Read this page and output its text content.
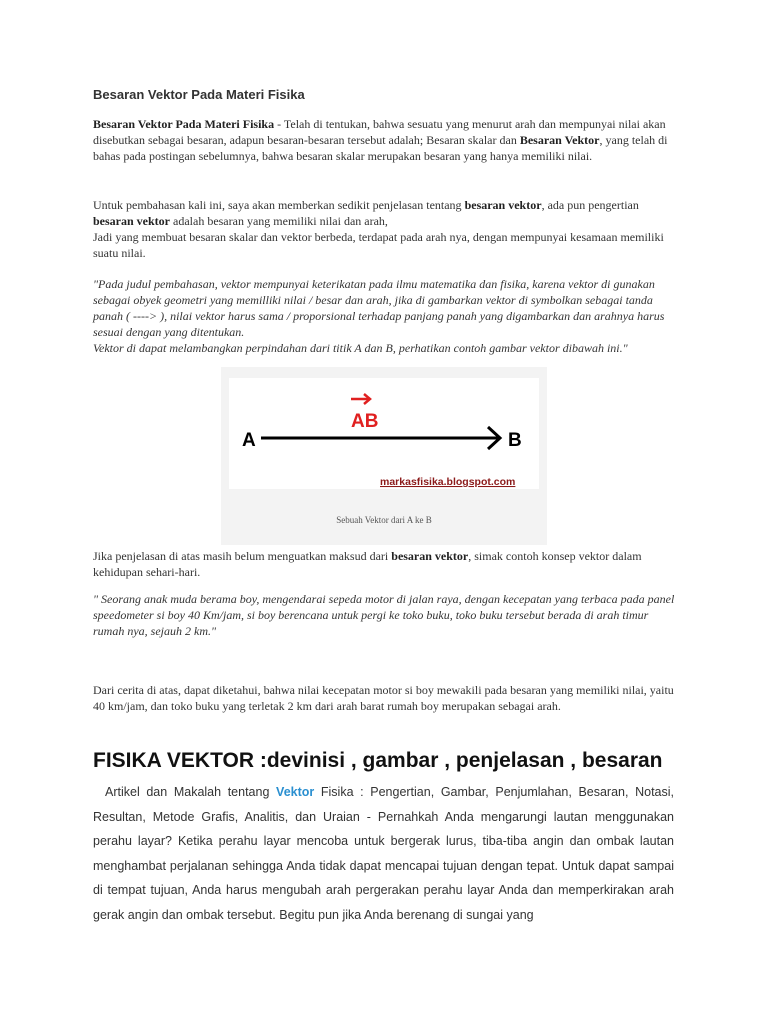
Besaran Vektor Pada Materi Fisika

Besaran Vektor Pada Materi Fisika - Telah di tentukan, bahwa sesuatu yang menurut arah dan mempunyai nilai akan disebutkan sebagai besaran, adapun besaran-besaran tersebut adalah; Besaran skalar dan Besaran Vektor, yang telah di bahas pada postingan sebelumnya, bahwa besaran skalar merupakan besaran yang hanya memiliki nilai.

Untuk pembahasan kali ini, saya akan memberkan sedikit penjelasan tentang besaran vektor, ada pun pengertian besaran vektor adalah besaran yang memiliki nilai dan arah,
Jadi yang membuat besaran skalar dan vektor berbeda, terdapat pada arah nya, dengan mempunyai kesamaan memiliki suatu nilai.
"Pada judul pembahasan, vektor mempunyai keterikatan pada ilmu matematika dan fisika, karena vektor di gunakan sebagai obyek geometri yang memilliki nilai / besar dan arah, jika di gambarkan vektor di symbolkan sebagai tanda panah ( ----> ), nilai vektor harus sama / proporsional terhadap panjang panah yang digambarkan dan arahnya harus sesuai dengan yang ditentukan.
Vektor di dapat melambangkan perpindahan dari titik A dan B, perhatikan contoh gambar vektor dibawah ini."
AB
A	B
markasfisika.blogspot.com
Sebuah Vektor dari A ke B
Jika penjelasan di atas masih belum menguatkan maksud dari besaran vektor, simak contoh konsep vektor dalam kehidupan sehari-hari.
" Seorang anak muda berama boy, mengendarai sepeda motor di jalan raya, dengan kecepatan yang terbaca pada panel speedometer si boy 40 Km/jam, si boy berencana untuk pergi ke toko buku, toko buku tersebut berada di arah timur rumah nya, sejauh 2 km."
Dari cerita di atas, dapat diketahui, bahwa nilai kecepatan motor si boy mewakili pada besaran yang memiliki nilai, yaitu 40 km/jam, dan toko buku yang terletak 2 km dari arah barat rumah boy merupakan sebagai arah.
FISIKA VEKTOR :devinisi , gambar , penjelasan , besaran
Artikel dan Makalah tentang Vektor Fisika : Pengertian, Gambar, Penjumlahan, Besaran, Notasi, Resultan, Metode Grafis, Analitis, dan Uraian - Pernahkah Anda mengarungi lautan menggunakan perahu layar? Ketika perahu layar mencoba untuk bergerak lurus, tiba-tiba angin dan ombak lautan menghambat perjalanan sehingga Anda tidak dapat mencapai tujuan dengan tepat. Untuk dapat sampai di tempat tujuan, Anda harus mengubah arah pergerakan perahu layar Anda dan memperkirakan arah gerak angin dan ombak tersebut. Begitu pun jika Anda berenang di sungai yang
